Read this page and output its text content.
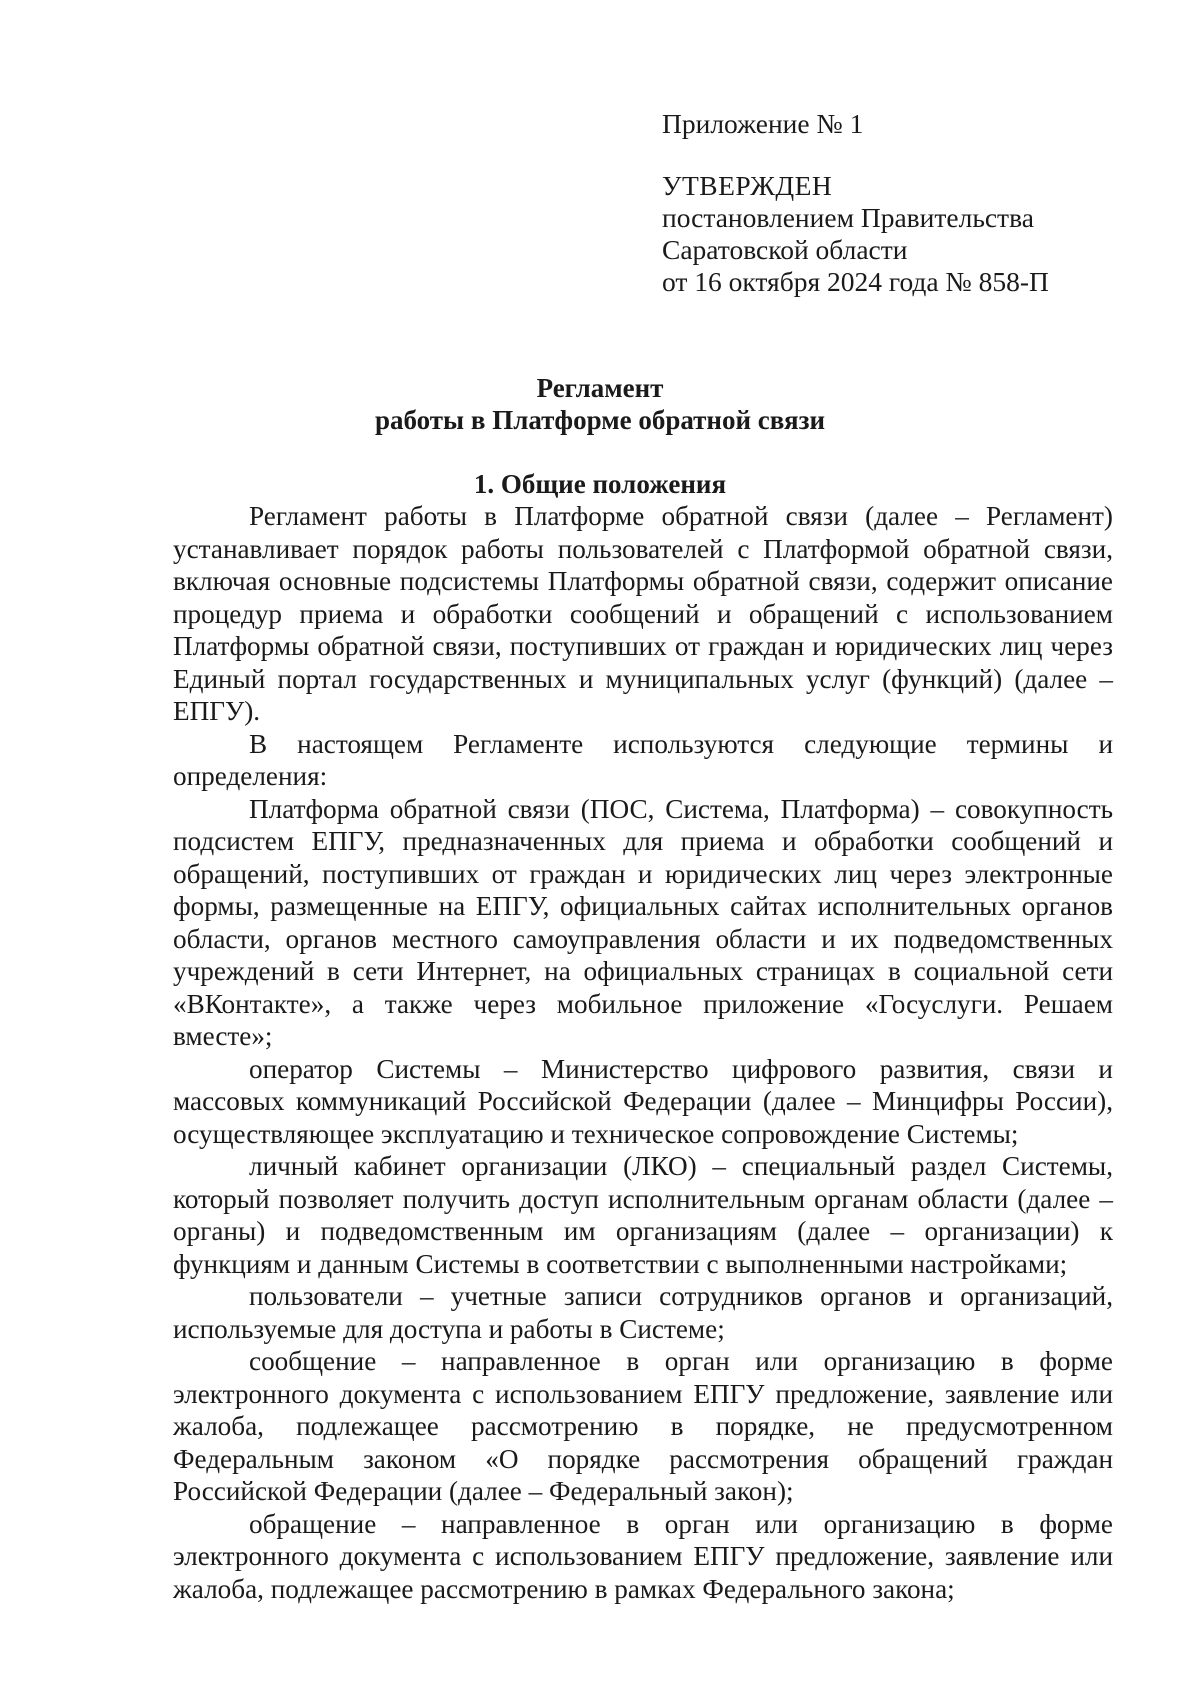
Приложение № 1
УТВЕРЖДЕН
постановлением Правительства
Саратовской области
от 16 октября 2024 года № 858-П
Регламент
работы в Платформе обратной связи
1. Общие положения

Регламент работы в Платформе обратной связи (далее – Регламент) устанавливает порядок работы пользователей с Платформой обратной связи, включая основные подсистемы Платформы обратной связи, содержит описание процедур приема и обработки сообщений и обращений с использованием Платформы обратной связи, поступивших от граждан и юридических лиц через Единый портал государственных и муниципальных услуг (функций) (далее – ЕПГУ).

В настоящем Регламенте используются следующие термины и определения:

Платформа обратной связи (ПОС, Система, Платформа) – совокупность подсистем ЕПГУ, предназначенных для приема и обработки сообщений и обращений, поступивших от граждан и юридических лиц через электронные формы, размещенные на ЕПГУ, официальных сайтах исполнительных органов области, органов местного самоуправления области и их подведомственных учреждений в сети Интернет, на официальных страницах в социальной сети «ВКонтакте», а также через мобильное приложение «Госуслуги. Решаем вместе»;

оператор Системы – Министерство цифрового развития, связи и массовых коммуникаций Российской Федерации (далее – Минцифры России), осуществляющее эксплуатацию и техническое сопровождение Системы;

личный кабинет организации (ЛКО) – специальный раздел Системы, который позволяет получить доступ исполнительным органам области (далее – органы) и подведомственным им организациям (далее – организации) к функциям и данным Системы в соответствии с выполненными настройками;

пользователи – учетные записи сотрудников органов и организаций, используемые для доступа и работы в Системе;

сообщение – направленное в орган или организацию в форме электронного документа с использованием ЕПГУ предложение, заявление или жалоба, подлежащее рассмотрению в порядке, не предусмотренном Федеральным законом «О порядке рассмотрения обращений граждан Российской Федерации (далее – Федеральный закон);

обращение – направленное в орган или организацию в форме электронного документа с использованием ЕПГУ предложение, заявление или жалоба, подлежащее рассмотрению в рамках Федерального закона;
